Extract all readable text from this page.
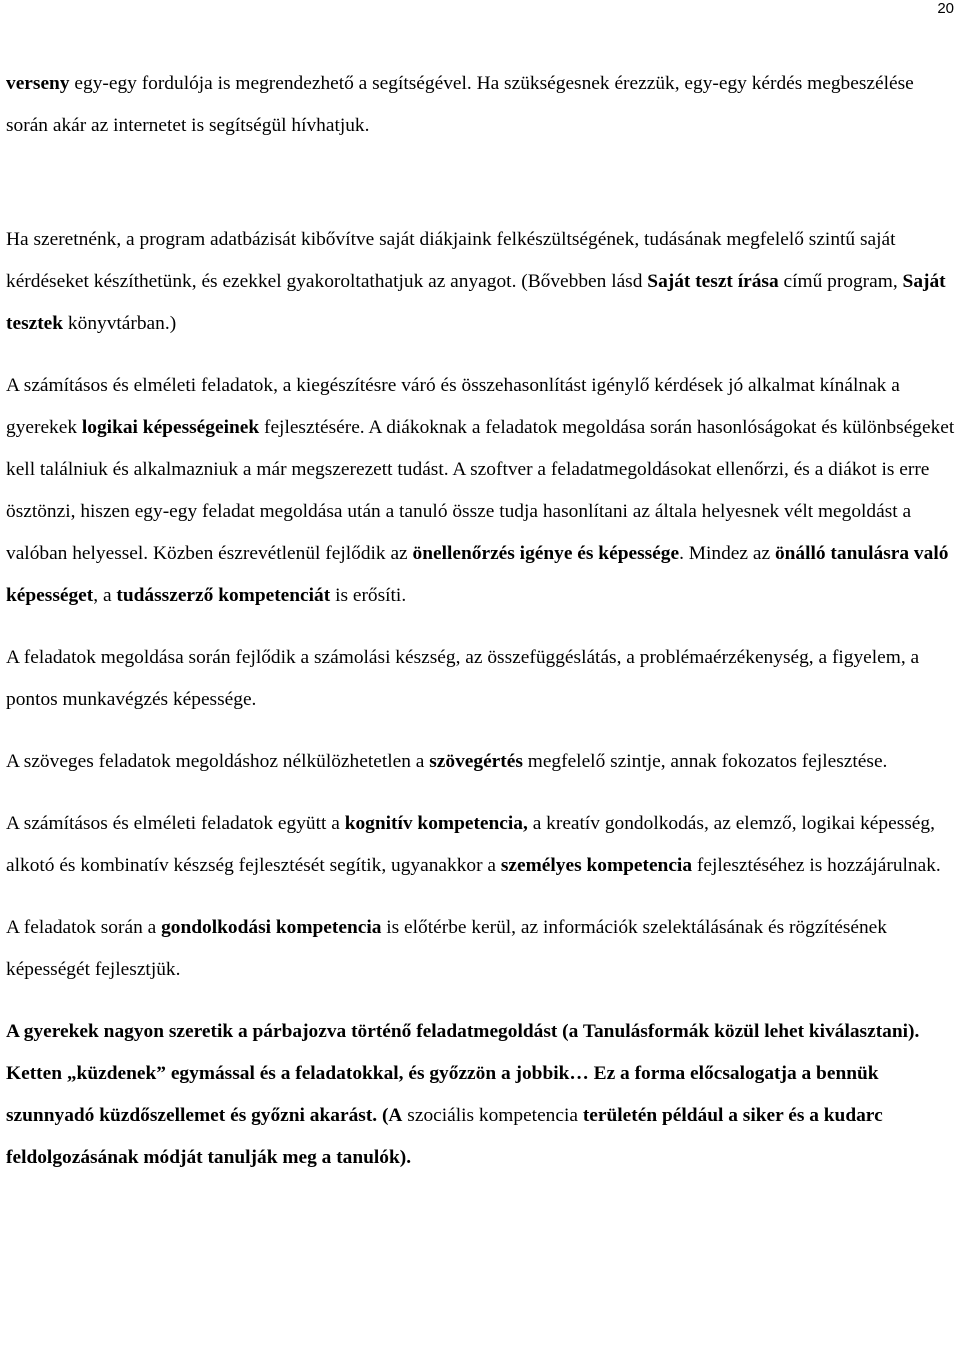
20

verseny egy-egy fordulója is megrendezhető a segítségével. Ha szükségesnek érezzük, egy-egy kérdés megbeszélése során akár az internetet is segítségül hívhatjuk.

Ha szeretnénk, a program adatbázisát kibővítve saját diákjaink felkészültségének, tudásának megfelelő szintű saját kérdéseket készíthetünk, és ezekkel gyakoroltathatjuk az anyagot. (Bővebben lásd Saját teszt írása című program, Saját tesztek könyvtárban.)

A számításos és elméleti feladatok, a kiegészítésre váró és összehasonlítást igénylő kérdések jó alkalmat kínálnak a gyerekek logikai képességeinek fejlesztésére. A diákoknak a feladatok megoldása során hasonlóságokat és különbségeket kell találniuk és alkalmazniuk a már megszerezett tudást. A szoftver a feladatmegoldásokat ellenőrzi, és a diákot is erre ösztönzi, hiszen egy-egy feladat megoldása után a tanuló össze tudja hasonlítani az általa helyesnek vélt megoldást a valóban helyessel. Közben észrevétlenül fejlődik az önellenőrzés igénye és képessége. Mindez az önálló tanulásra való képességet, a tudásszerző kompetenciát is erősíti.

A feladatok megoldása során fejlődik a számolási készség, az összefüggéslátás, a problémaérzékenység, a figyelem, a pontos munkavégzés képessége.

A szöveges feladatok megoldáshoz nélkülözhetetlen a szövegértés megfelelő szintje, annak fokozatos fejlesztése.

A számításos és elméleti feladatok együtt a kognitív kompetencia, a kreatív gondolkodás, az elemző, logikai képesség, alkotó és kombinatív készség fejlesztését segítik, ugyanakkor a személyes kompetencia fejlesztéséhez is hozzájárulnak.

A feladatok során a gondolkodási kompetencia is előtérbe kerül, az információk szelektálásának és rögzítésének képességét fejlesztjük.

A gyerekek nagyon szeretik a párbajozva történő feladatmegoldást (a Tanulásformák közül lehet kiválasztani). Ketten „küzdenek” egymással és a feladatokkal, és győzzön a jobbik… Ez a forma előcsalogatja a bennük szunnyadó küzdőszellemet és győzni akarást. (A szociális kompetencia területén például a siker és a kudarc feldolgozásának módját tanulják meg a tanulók).
